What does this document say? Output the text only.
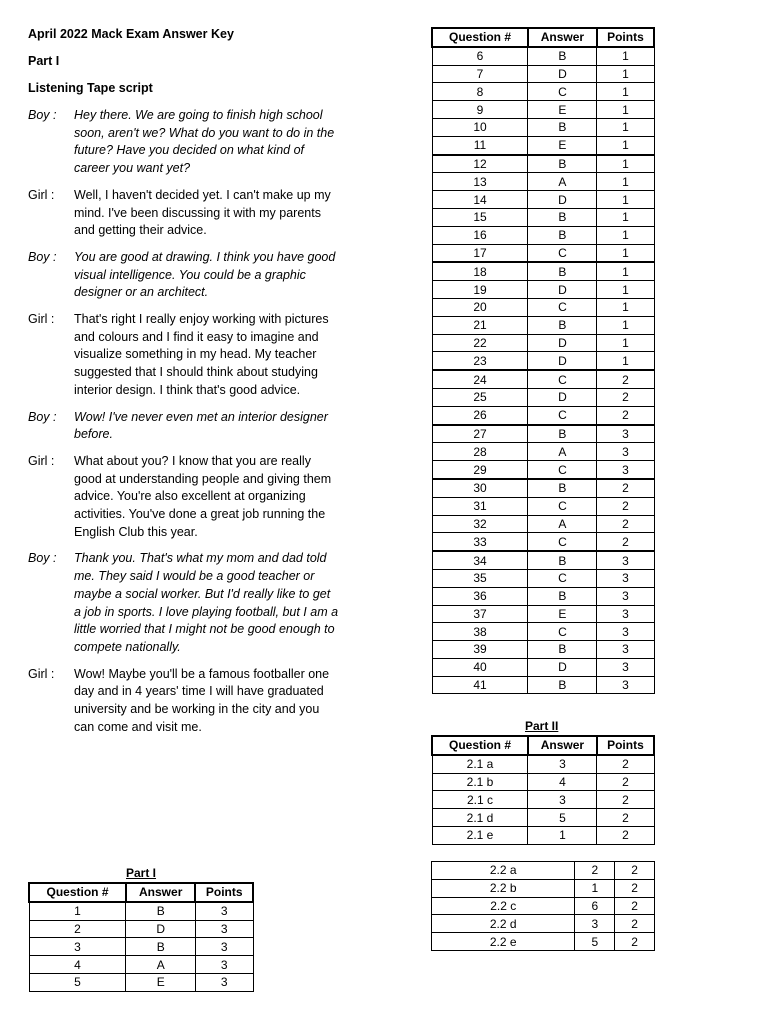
April 2022 Mack Exam Answer Key
Part I
Listening Tape script
Boy :	Hey there. We are going to finish high school soon, aren't we? What do you want to do in the future? Have you decided on what kind of career you want yet?
Girl :	Well, I haven't decided yet. I can't make up my mind. I've been discussing it with my parents and getting their advice.
Boy :	You are good at drawing. I think you have good visual intelligence. You could be a graphic designer or an architect.
Girl :	That's right I really enjoy working with pictures and colours and I find it easy to imagine and visualize something in my head. My teacher suggested that I should think about studying interior design. I think that's good advice.
Boy :	Wow! I've never even met an interior designer before.
Girl :	What about you? I know that you are really good at understanding people and giving them advice. You're also excellent at organizing activities. You've done a great job running the English Club this year.
Boy :	Thank you. That's what my mom and dad told me. They said I would be a good teacher or maybe a social worker. But I'd really like to get a job in sports. I love playing football, but I am a little worried that I might not be good enough to compete nationally.
Girl :	Wow! Maybe you'll be a famous footballer one day and in 4 years' time I will have graduated university and be working in the city and you can come and visit me.
Question #	Answer	Points
6	B	1
7	D	1
8	C	1
9	E	1
10	B	1
11	E	1
12	B	1
13	A	1
14	D	1
15	B	1
16	B	1
17	C	1
18	B	1
19	D	1
20	C	1
21	B	1
22	D	1
23	D	1
24	C	2
25	D	2
26	C	2
27	B	3
28	A	3
29	C	3
30	B	2
31	C	2
32	A	2
33	C	2
34	B	3
35	C	3
36	B	3
37	E	3
38	C	3
39	B	3
40	D	3
41	B	3
Part II
Question #	Answer	Points
2.1 a	3	2
2.1 b	4	2
2.1 c	3	2
2.1 d	5	2
2.1 e	1	2
2.2 a	2	2
2.2 b	1	2
2.2 c	6	2
2.2 d	3	2
2.2 e	5	2
Part I
Question #	Answer	Points
1	B	3
2	D	3
3	B	3
4	A	3
5	E	3
